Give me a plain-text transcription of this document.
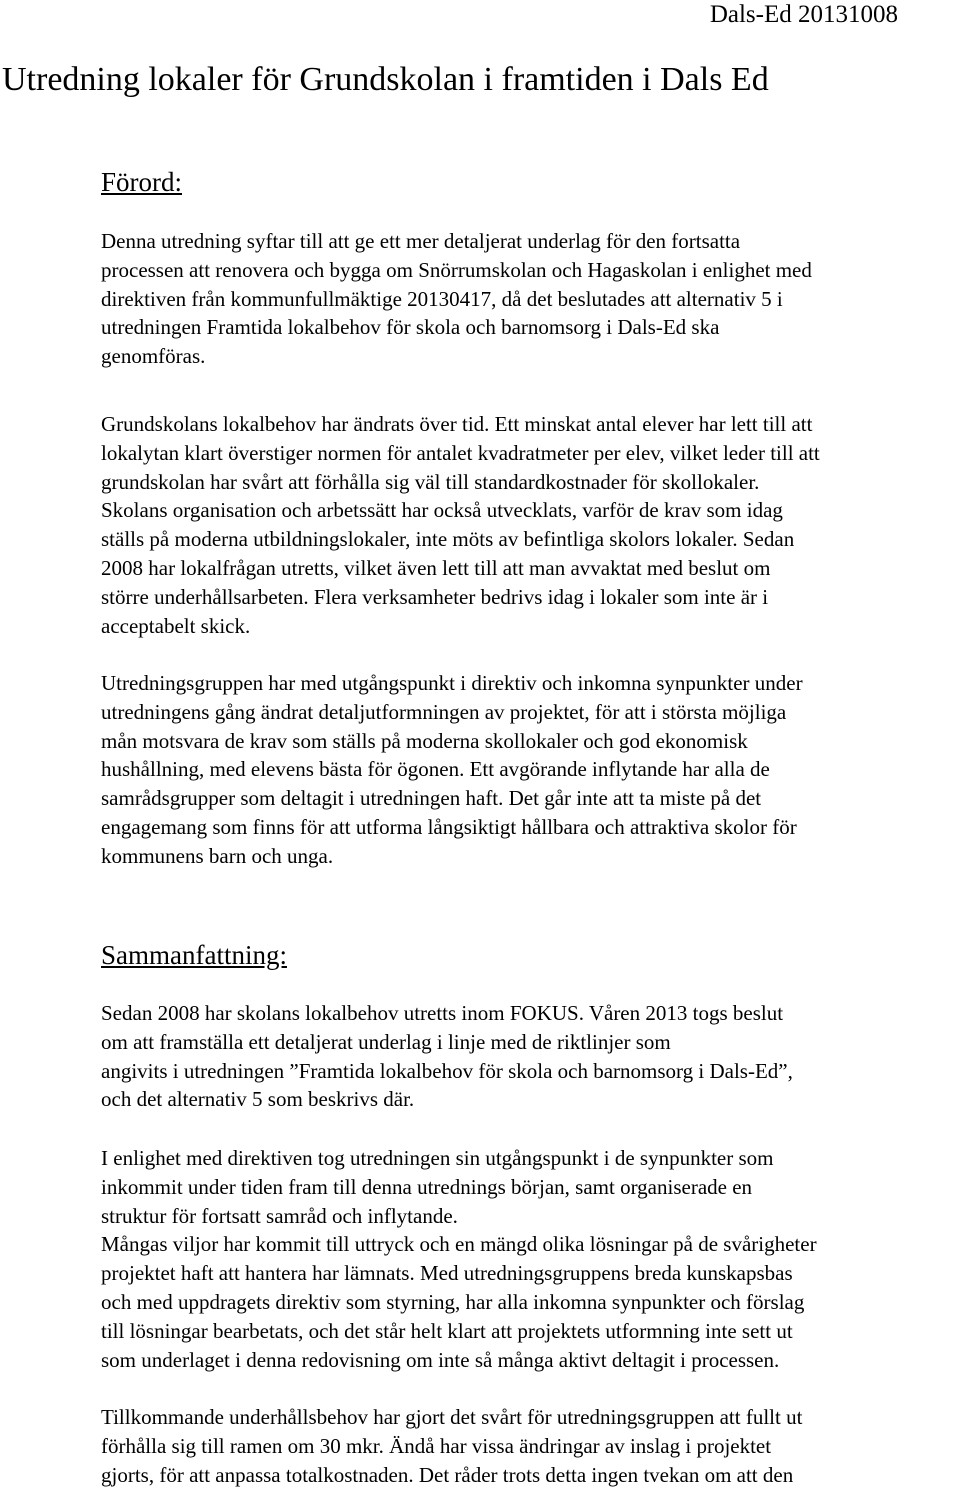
Dals-Ed 20131008
Utredning lokaler för Grundskolan i framtiden i Dals Ed
Förord:
Denna utredning syftar till att ge ett mer detaljerat underlag för den fortsatta
processen att renovera och bygga om Snörrumskolan och Hagaskolan i enlighet med
direktiven från kommunfullmäktige 20130417, då det beslutades att alternativ 5 i
utredningen Framtida lokalbehov för skola och barnomsorg i Dals-Ed ska
genomföras.
Grundskolans lokalbehov har ändrats över tid. Ett minskat antal elever har lett till att
lokalytan klart överstiger normen för antalet kvadratmeter per elev, vilket leder till att
grundskolan har svårt att förhålla sig väl till standardkostnader för skollokaler.
Skolans organisation och arbetssätt har också utvecklats, varför de krav som idag
ställs på moderna utbildningslokaler, inte möts av befintliga skolors lokaler. Sedan
2008 har lokalfrågan utretts, vilket även lett till att man avvaktat med beslut om
större underhållsarbeten. Flera verksamheter bedrivs idag i lokaler som inte är i
acceptabelt skick.
Utredningsgruppen har med utgångspunkt i direktiv och inkomna synpunkter under
utredningens gång ändrat detaljutformningen av projektet, för att i största möjliga
mån motsvara de krav som ställs på moderna skollokaler och god ekonomisk
hushållning, med elevens bästa för ögonen. Ett avgörande inflytande har alla de
samrådsgrupper som deltagit i utredningen haft. Det går inte att ta miste på det
engagemang som finns för att utforma långsiktigt hållbara och attraktiva skolor för
kommunens barn och unga.
Sammanfattning:
Sedan 2008 har skolans lokalbehov utretts inom FOKUS. Våren 2013 togs beslut
om att framställa ett detaljerat underlag i linje med de riktlinjer som
angivits i utredningen ”Framtida lokalbehov för skola och barnomsorg i Dals-Ed”,
och det alternativ 5 som beskrivs där.
I enlighet med direktiven tog utredningen sin utgångspunkt i de synpunkter som
inkommit under tiden fram till denna utrednings början, samt organiserade en
struktur för fortsatt samråd och inflytande.
Mångas viljor har kommit till uttryck och en mängd olika lösningar på de svårigheter
projektet haft att hantera har lämnats. Med utredningsgruppens breda kunskapsbas
och med uppdragets direktiv som styrning, har alla inkomna synpunkter och förslag
till lösningar bearbetats, och det står helt klart att projektets utformning inte sett ut
som underlaget i denna redovisning om inte så många aktivt deltagit i processen.
Tillkommande underhållsbehov har gjort det svårt för utredningsgruppen att fullt ut
förhålla sig till ramen om 30 mkr. Ändå har vissa ändringar av inslag i projektet
gjorts, för att anpassa totalkostnaden. Det råder trots detta ingen tvekan om att den
